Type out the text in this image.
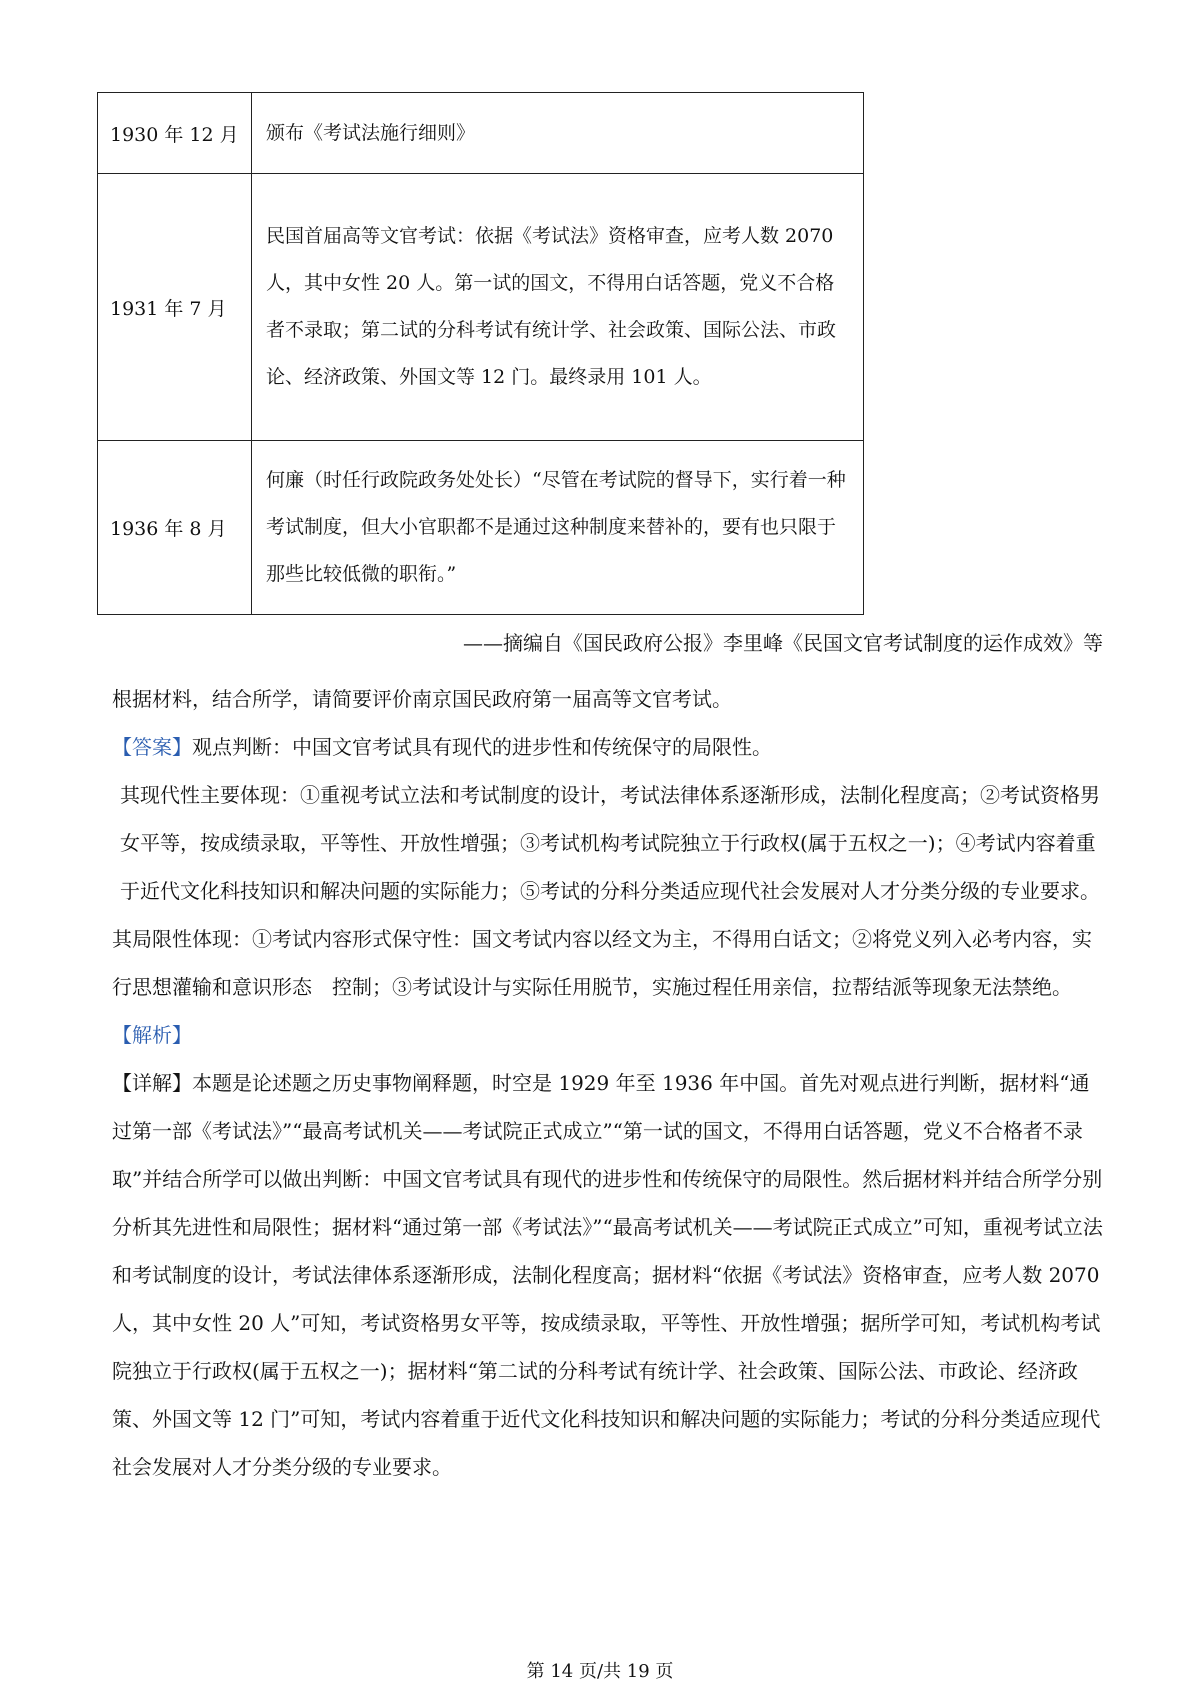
1930 年 12 月	颁布《考试法施行细则》
1931 年 7 月	民国首届高等文官考试：依据《考试法》资格审查，应考人数 2070 人，其中女性 20 人。第一试的国文，不得用白话答题，党义不合格者不录取；第二试的分科考试有统计学、社会政策、国际公法、市政论、经济政策、外国文等 12 门。最终录用 101 人。
1936 年 8 月	何廉（时任行政院政务处处长）“尽管在考试院的督导下，实行着一种考试制度，但大小官职都不是通过这种制度来替补的，要有也只限于那些比较低微的职衔。”
——摘编自《国民政府公报》李里峰《民国文官考试制度的运作成效》等

根据材料，结合所学，请简要评价南京国民政府第一届高等文官考试。

【答案】观点判断：中国文官考试具有现代的进步性和传统保守的局限性。

其现代性主要体现：①重视考试立法和考试制度的设计，考试法律体系逐渐形成，法制化程度高；②考试资格男女平等，按成绩录取，平等性、开放性增强；③考试机构考试院独立于行政权(属于五权之一)；④考试内容着重于近代文化科技知识和解决问题的实际能力；⑤考试的分科分类适应现代社会发展对人才分类分级的专业要求。

其局限性体现：①考试内容形式保守性：国文考试内容以经文为主，不得用白话文；②将党义列入必考内容，实行思想灌输和意识形态　控制；③考试设计与实际任用脱节，实施过程任用亲信，拉帮结派等现象无法禁绝。

【解析】

【详解】本题是论述题之历史事物阐释题，时空是 1929 年至 1936 年中国。首先对观点进行判断，据材料“通过第一部《考试法》”“最高考试机关——考试院正式成立”“第一试的国文，不得用白话答题，党义不合格者不录取”并结合所学可以做出判断：中国文官考试具有现代的进步性和传统保守的局限性。然后据材料并结合所学分别分析其先进性和局限性；据材料“通过第一部《考试法》”“最高考试机关——考试院正式成立”可知，重视考试立法和考试制度的设计，考试法律体系逐渐形成，法制化程度高；据材料“依据《考试法》资格审查，应考人数 2070 人，其中女性 20 人”可知，考试资格男女平等，按成绩录取，平等性、开放性增强；据所学可知，考试机构考试院独立于行政权(属于五权之一)；据材料“第二试的分科考试有统计学、社会政策、国际公法、市政论、经济政策、外国文等 12 门”可知，考试内容着重于近代文化科技知识和解决问题的实际能力；考试的分科分类适应现代社会发展对人才分类分级的专业要求。

第 14 页/共 19 页
